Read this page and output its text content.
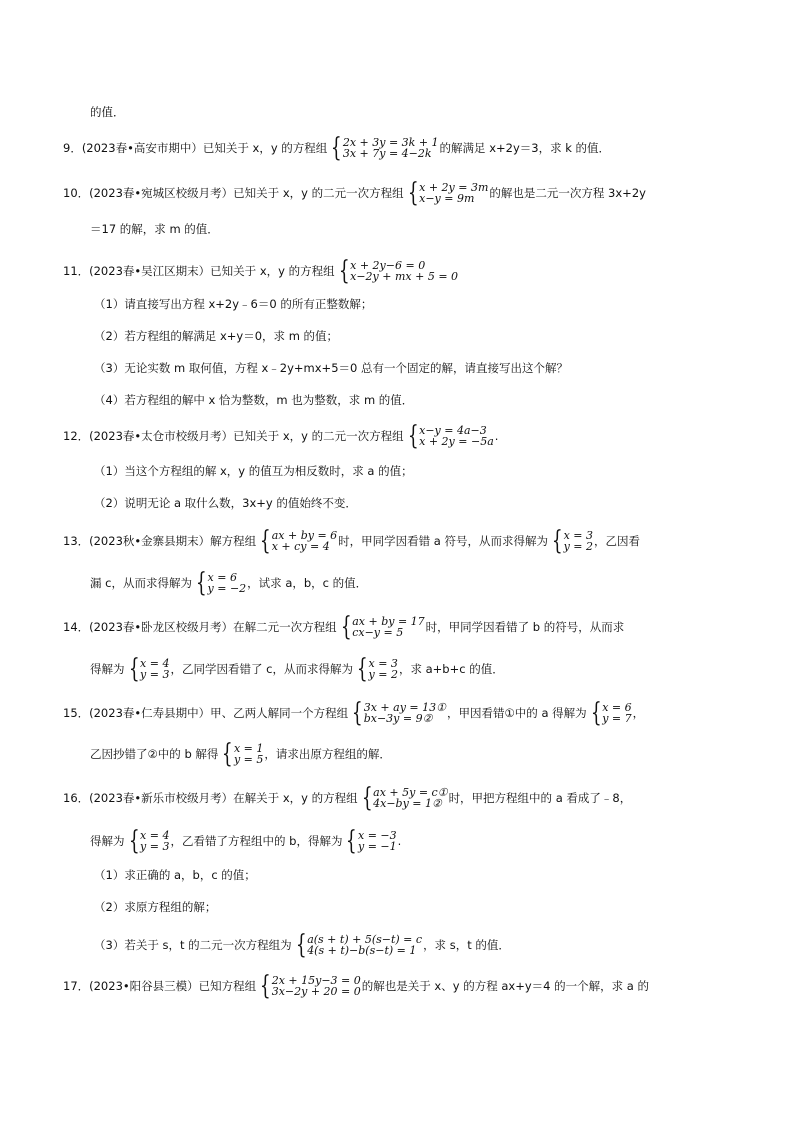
的值．
9．(2023春•高安市期中）已知关于 x，y 的方程组 { 2x + 3y = 3k + 1
3x + 7y = 4−2k 的解满足 x+2y＝3，求 k 的值．
10．(2023春•宛城区校级月考）已知关于 x，y 的二元一次方程组 { x + 2y = 3m
x−y = 9m	的解也是二元一次方程 3x+2y
＝17 的解，求 m 的值．
11．(2023春•吴江区期末）已知关于 x，y 的方程组 { x + 2y−6 = 0
x−2y + mx + 5 = 0
（1）请直接写出方程 x+2y﹣6＝0 的所有正整数解；
（2）若方程组的解满足 x+y＝0，求 m 的值；
（3）无论实数 m 取何值，方程 x﹣2y+mx+5＝0 总有一个固定的解，请直接写出这个解？
（4）若方程组的解中 x 恰为整数，m 也为整数，求 m 的值．
12．(2023春•太仓市校级月考）已知关于 x，y 的二元一次方程组 { x−y = 4a−3
x + 2y = −5a .
（1）当这个方程组的解 x，y 的值互为相反数时，求 a 的值；
（2）说明无论 a 取什么数，3x+y 的值始终不变．
13．(2023秋•金寨县期末）解方程组 { ax + by = 6
x + cy = 4 时，甲同学因看错 a 符号，从而求得解为 { x = 3
y = 2 ，乙因看
漏 c，从而求得解为 { x = 6
y = −2 ，试求 a，b，c 的值．
14．(2023春•卧龙区校级月考）在解二元一次方程组 { ax + by = 17
cx−y = 5	时，甲同学因看错了 b 的符号，从而求
得解为 { x = 4
y = 3 ，乙同学因看错了 c，从而求得解为 { x = 3
y = 2 ，求 a+b+c 的值．
15．(2023春•仁寿县期中）甲、乙两人解同一个方程组 { 3x + ay = 13①
bx−3y = 9②	，甲因看错①中的 a 得解为 { x = 6
y = 7 ，
乙因抄错了②中的 b 解得 { x = 1
y = 5 ，请求出原方程组的解．
16．(2023春•新乐市校级月考）在解关于 x，y 的方程组 { ax + 5y = c①
4x−by = 1② 时，甲把方程组中的 a 看成了﹣8，
得解为 { x = 4
y = 3 ，乙看错了方程组中的 b，得解为 { x = −3
y = −1 .
（1）求正确的 a，b，c 的值；
（2）求原方程组的解；
（3）若关于 s，t 的二元一次方程组为 { a(s + t) + 5(s−t) = c
4(s + t)−b(s−t) = 1 ，求 s，t 的值．
17．(2023•阳谷县三模）已知方程组 { 2x + 15y−3 = 0
3x−2y + 20 = 0 的解也是关于 x、y 的方程 ax+y＝4 的一个解，求 a 的
